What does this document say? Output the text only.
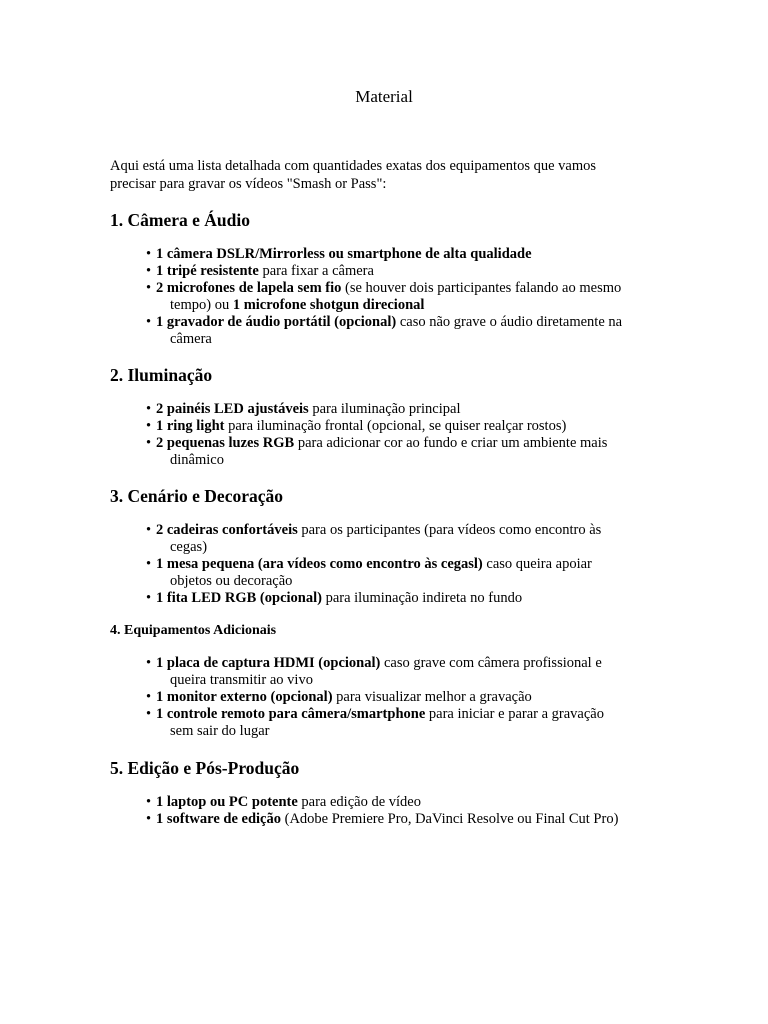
Material

Aqui está uma lista detalhada com quantidades exatas dos equipamentos que vamos
precisar para gravar os vídeos "Smash or Pass":

1. Câmera e Áudio
• 1 câmera DSLR/Mirrorless ou smartphone de alta qualidade
• 1 tripé resistente para fixar a câmera
• 2 microfones de lapela sem fio (se houver dois participantes falando ao mesmo
tempo) ou 1 microfone shotgun direcional
• 1 gravador de áudio portátil (opcional) caso não grave o áudio diretamente na
câmera
2. Iluminação
• 2 painéis LED ajustáveis para iluminação principal
• 1 ring light para iluminação frontal (opcional, se quiser realçar rostos)
• 2 pequenas luzes RGB para adicionar cor ao fundo e criar um ambiente mais
dinâmico
3. Cenário e Decoração
• 2 cadeiras confortáveis para os participantes (para vídeos como encontro às
cegas)
• 1 mesa pequena (ara vídeos como encontro às cegasl) caso queira apoiar
objetos ou decoração
• 1 fita LED RGB (opcional) para iluminação indireta no fundo
4. Equipamentos Adicionais
• 1 placa de captura HDMI (opcional) caso grave com câmera profissional e
queira transmitir ao vivo
• 1 monitor externo (opcional) para visualizar melhor a gravação
• 1 controle remoto para câmera/smartphone para iniciar e parar a gravação
sem sair do lugar
5. Edição e Pós-Produção
• 1 laptop ou PC potente para edição de vídeo
• 1 software de edição (Adobe Premiere Pro, DaVinci Resolve ou Final Cut Pro)
